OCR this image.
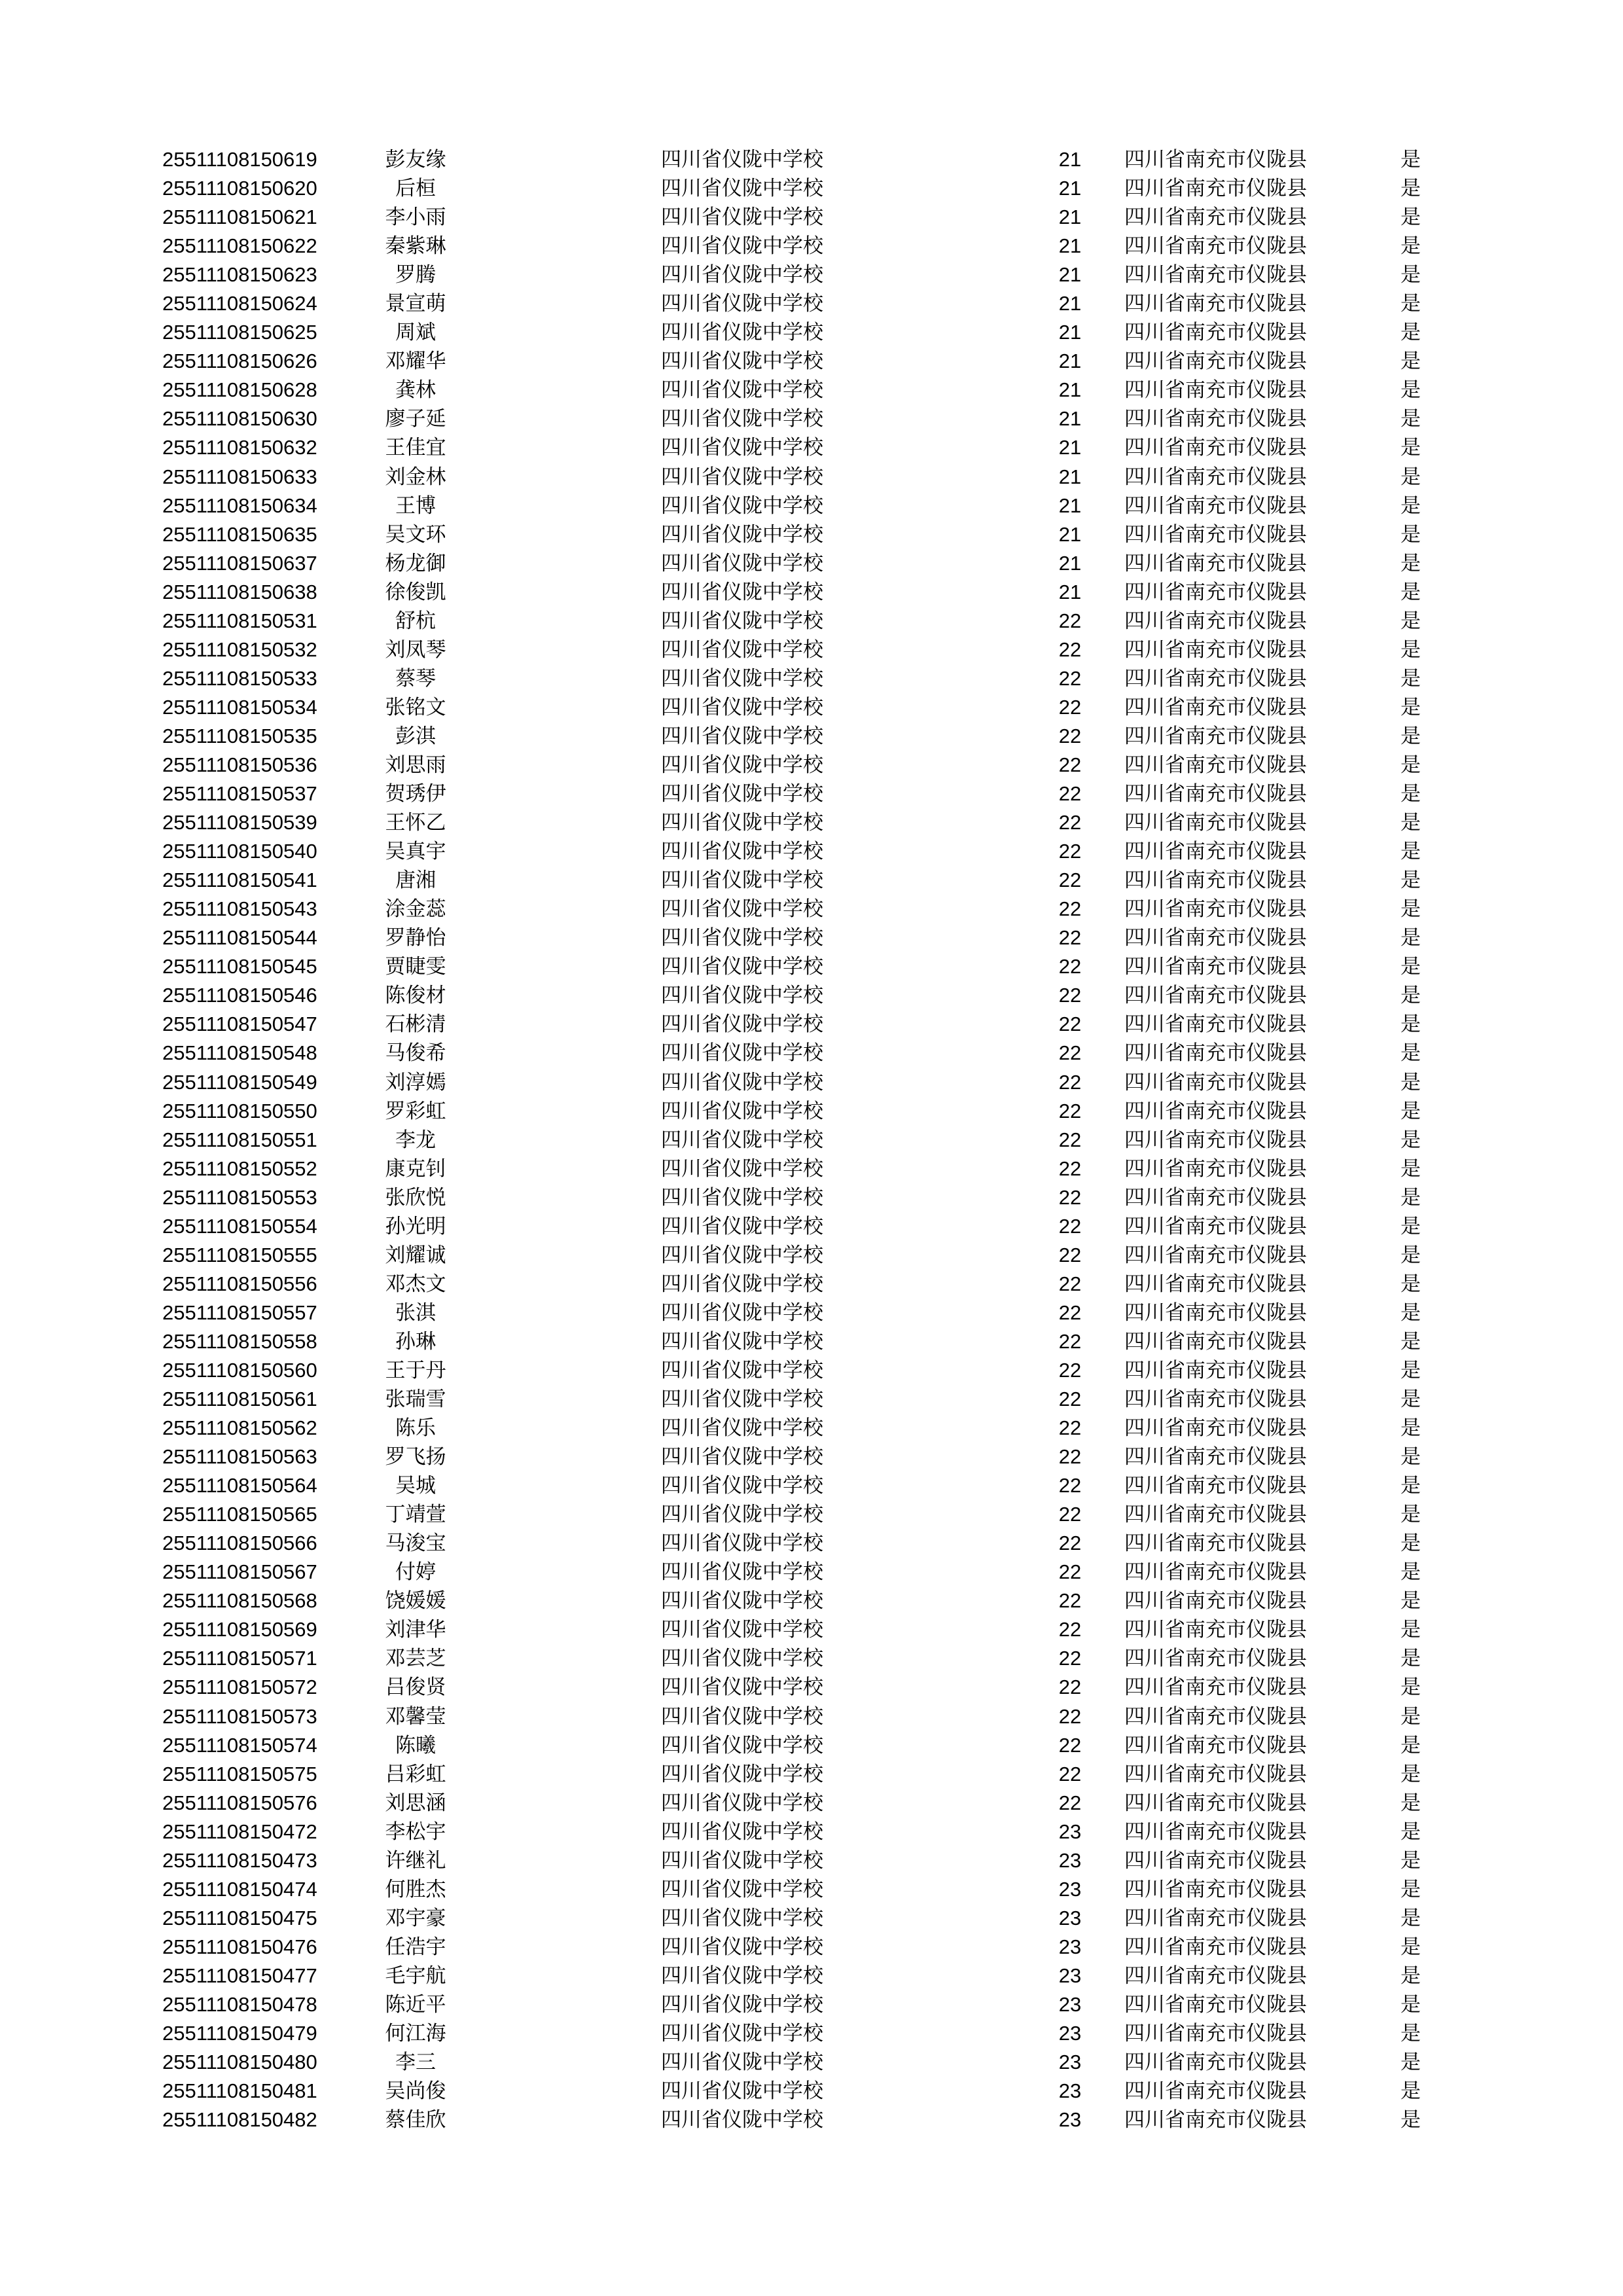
25511108150619	彭友缘	四川省仪陇中学校	21	四川省南充市仪陇县	是
25511108150620	后桓	四川省仪陇中学校	21	四川省南充市仪陇县	是
25511108150621	李小雨	四川省仪陇中学校	21	四川省南充市仪陇县	是
25511108150622	秦紫琳	四川省仪陇中学校	21	四川省南充市仪陇县	是
25511108150623	罗腾	四川省仪陇中学校	21	四川省南充市仪陇县	是
25511108150624	景宣萌	四川省仪陇中学校	21	四川省南充市仪陇县	是
25511108150625	周斌	四川省仪陇中学校	21	四川省南充市仪陇县	是
25511108150626	邓耀华	四川省仪陇中学校	21	四川省南充市仪陇县	是
25511108150628	龚林	四川省仪陇中学校	21	四川省南充市仪陇县	是
25511108150630	廖子延	四川省仪陇中学校	21	四川省南充市仪陇县	是
25511108150632	王佳宜	四川省仪陇中学校	21	四川省南充市仪陇县	是
25511108150633	刘金林	四川省仪陇中学校	21	四川省南充市仪陇县	是
25511108150634	王博	四川省仪陇中学校	21	四川省南充市仪陇县	是
25511108150635	吴文环	四川省仪陇中学校	21	四川省南充市仪陇县	是
25511108150637	杨龙御	四川省仪陇中学校	21	四川省南充市仪陇县	是
25511108150638	徐俊凯	四川省仪陇中学校	21	四川省南充市仪陇县	是
25511108150531	舒杭	四川省仪陇中学校	22	四川省南充市仪陇县	是
25511108150532	刘凤琴	四川省仪陇中学校	22	四川省南充市仪陇县	是
25511108150533	蔡琴	四川省仪陇中学校	22	四川省南充市仪陇县	是
25511108150534	张铭文	四川省仪陇中学校	22	四川省南充市仪陇县	是
25511108150535	彭淇	四川省仪陇中学校	22	四川省南充市仪陇县	是
25511108150536	刘思雨	四川省仪陇中学校	22	四川省南充市仪陇县	是
25511108150537	贺琇伊	四川省仪陇中学校	22	四川省南充市仪陇县	是
25511108150539	王怀乙	四川省仪陇中学校	22	四川省南充市仪陇县	是
25511108150540	吴真宇	四川省仪陇中学校	22	四川省南充市仪陇县	是
25511108150541	唐湘	四川省仪陇中学校	22	四川省南充市仪陇县	是
25511108150543	涂金蕊	四川省仪陇中学校	22	四川省南充市仪陇县	是
25511108150544	罗静怡	四川省仪陇中学校	22	四川省南充市仪陇县	是
25511108150545	贾睫雯	四川省仪陇中学校	22	四川省南充市仪陇县	是
25511108150546	陈俊材	四川省仪陇中学校	22	四川省南充市仪陇县	是
25511108150547	石彬清	四川省仪陇中学校	22	四川省南充市仪陇县	是
25511108150548	马俊希	四川省仪陇中学校	22	四川省南充市仪陇县	是
25511108150549	刘淳嫣	四川省仪陇中学校	22	四川省南充市仪陇县	是
25511108150550	罗彩虹	四川省仪陇中学校	22	四川省南充市仪陇县	是
25511108150551	李龙	四川省仪陇中学校	22	四川省南充市仪陇县	是
25511108150552	康克钊	四川省仪陇中学校	22	四川省南充市仪陇县	是
25511108150553	张欣悦	四川省仪陇中学校	22	四川省南充市仪陇县	是
25511108150554	孙光明	四川省仪陇中学校	22	四川省南充市仪陇县	是
25511108150555	刘耀诚	四川省仪陇中学校	22	四川省南充市仪陇县	是
25511108150556	邓杰文	四川省仪陇中学校	22	四川省南充市仪陇县	是
25511108150557	张淇	四川省仪陇中学校	22	四川省南充市仪陇县	是
25511108150558	孙琳	四川省仪陇中学校	22	四川省南充市仪陇县	是
25511108150560	王于丹	四川省仪陇中学校	22	四川省南充市仪陇县	是
25511108150561	张瑞雪	四川省仪陇中学校	22	四川省南充市仪陇县	是
25511108150562	陈乐	四川省仪陇中学校	22	四川省南充市仪陇县	是
25511108150563	罗飞扬	四川省仪陇中学校	22	四川省南充市仪陇县	是
25511108150564	吴城	四川省仪陇中学校	22	四川省南充市仪陇县	是
25511108150565	丁靖萱	四川省仪陇中学校	22	四川省南充市仪陇县	是
25511108150566	马浚宝	四川省仪陇中学校	22	四川省南充市仪陇县	是
25511108150567	付婷	四川省仪陇中学校	22	四川省南充市仪陇县	是
25511108150568	饶媛媛	四川省仪陇中学校	22	四川省南充市仪陇县	是
25511108150569	刘津华	四川省仪陇中学校	22	四川省南充市仪陇县	是
25511108150571	邓芸芝	四川省仪陇中学校	22	四川省南充市仪陇县	是
25511108150572	吕俊贤	四川省仪陇中学校	22	四川省南充市仪陇县	是
25511108150573	邓馨莹	四川省仪陇中学校	22	四川省南充市仪陇县	是
25511108150574	陈曦	四川省仪陇中学校	22	四川省南充市仪陇县	是
25511108150575	吕彩虹	四川省仪陇中学校	22	四川省南充市仪陇县	是
25511108150576	刘思涵	四川省仪陇中学校	22	四川省南充市仪陇县	是
25511108150472	李松宇	四川省仪陇中学校	23	四川省南充市仪陇县	是
25511108150473	许继礼	四川省仪陇中学校	23	四川省南充市仪陇县	是
25511108150474	何胜杰	四川省仪陇中学校	23	四川省南充市仪陇县	是
25511108150475	邓宇豪	四川省仪陇中学校	23	四川省南充市仪陇县	是
25511108150476	任浩宇	四川省仪陇中学校	23	四川省南充市仪陇县	是
25511108150477	毛宇航	四川省仪陇中学校	23	四川省南充市仪陇县	是
25511108150478	陈近平	四川省仪陇中学校	23	四川省南充市仪陇县	是
25511108150479	何江海	四川省仪陇中学校	23	四川省南充市仪陇县	是
25511108150480	李三	四川省仪陇中学校	23	四川省南充市仪陇县	是
25511108150481	吴尚俊	四川省仪陇中学校	23	四川省南充市仪陇县	是
25511108150482	蔡佳欣	四川省仪陇中学校	23	四川省南充市仪陇县	是
